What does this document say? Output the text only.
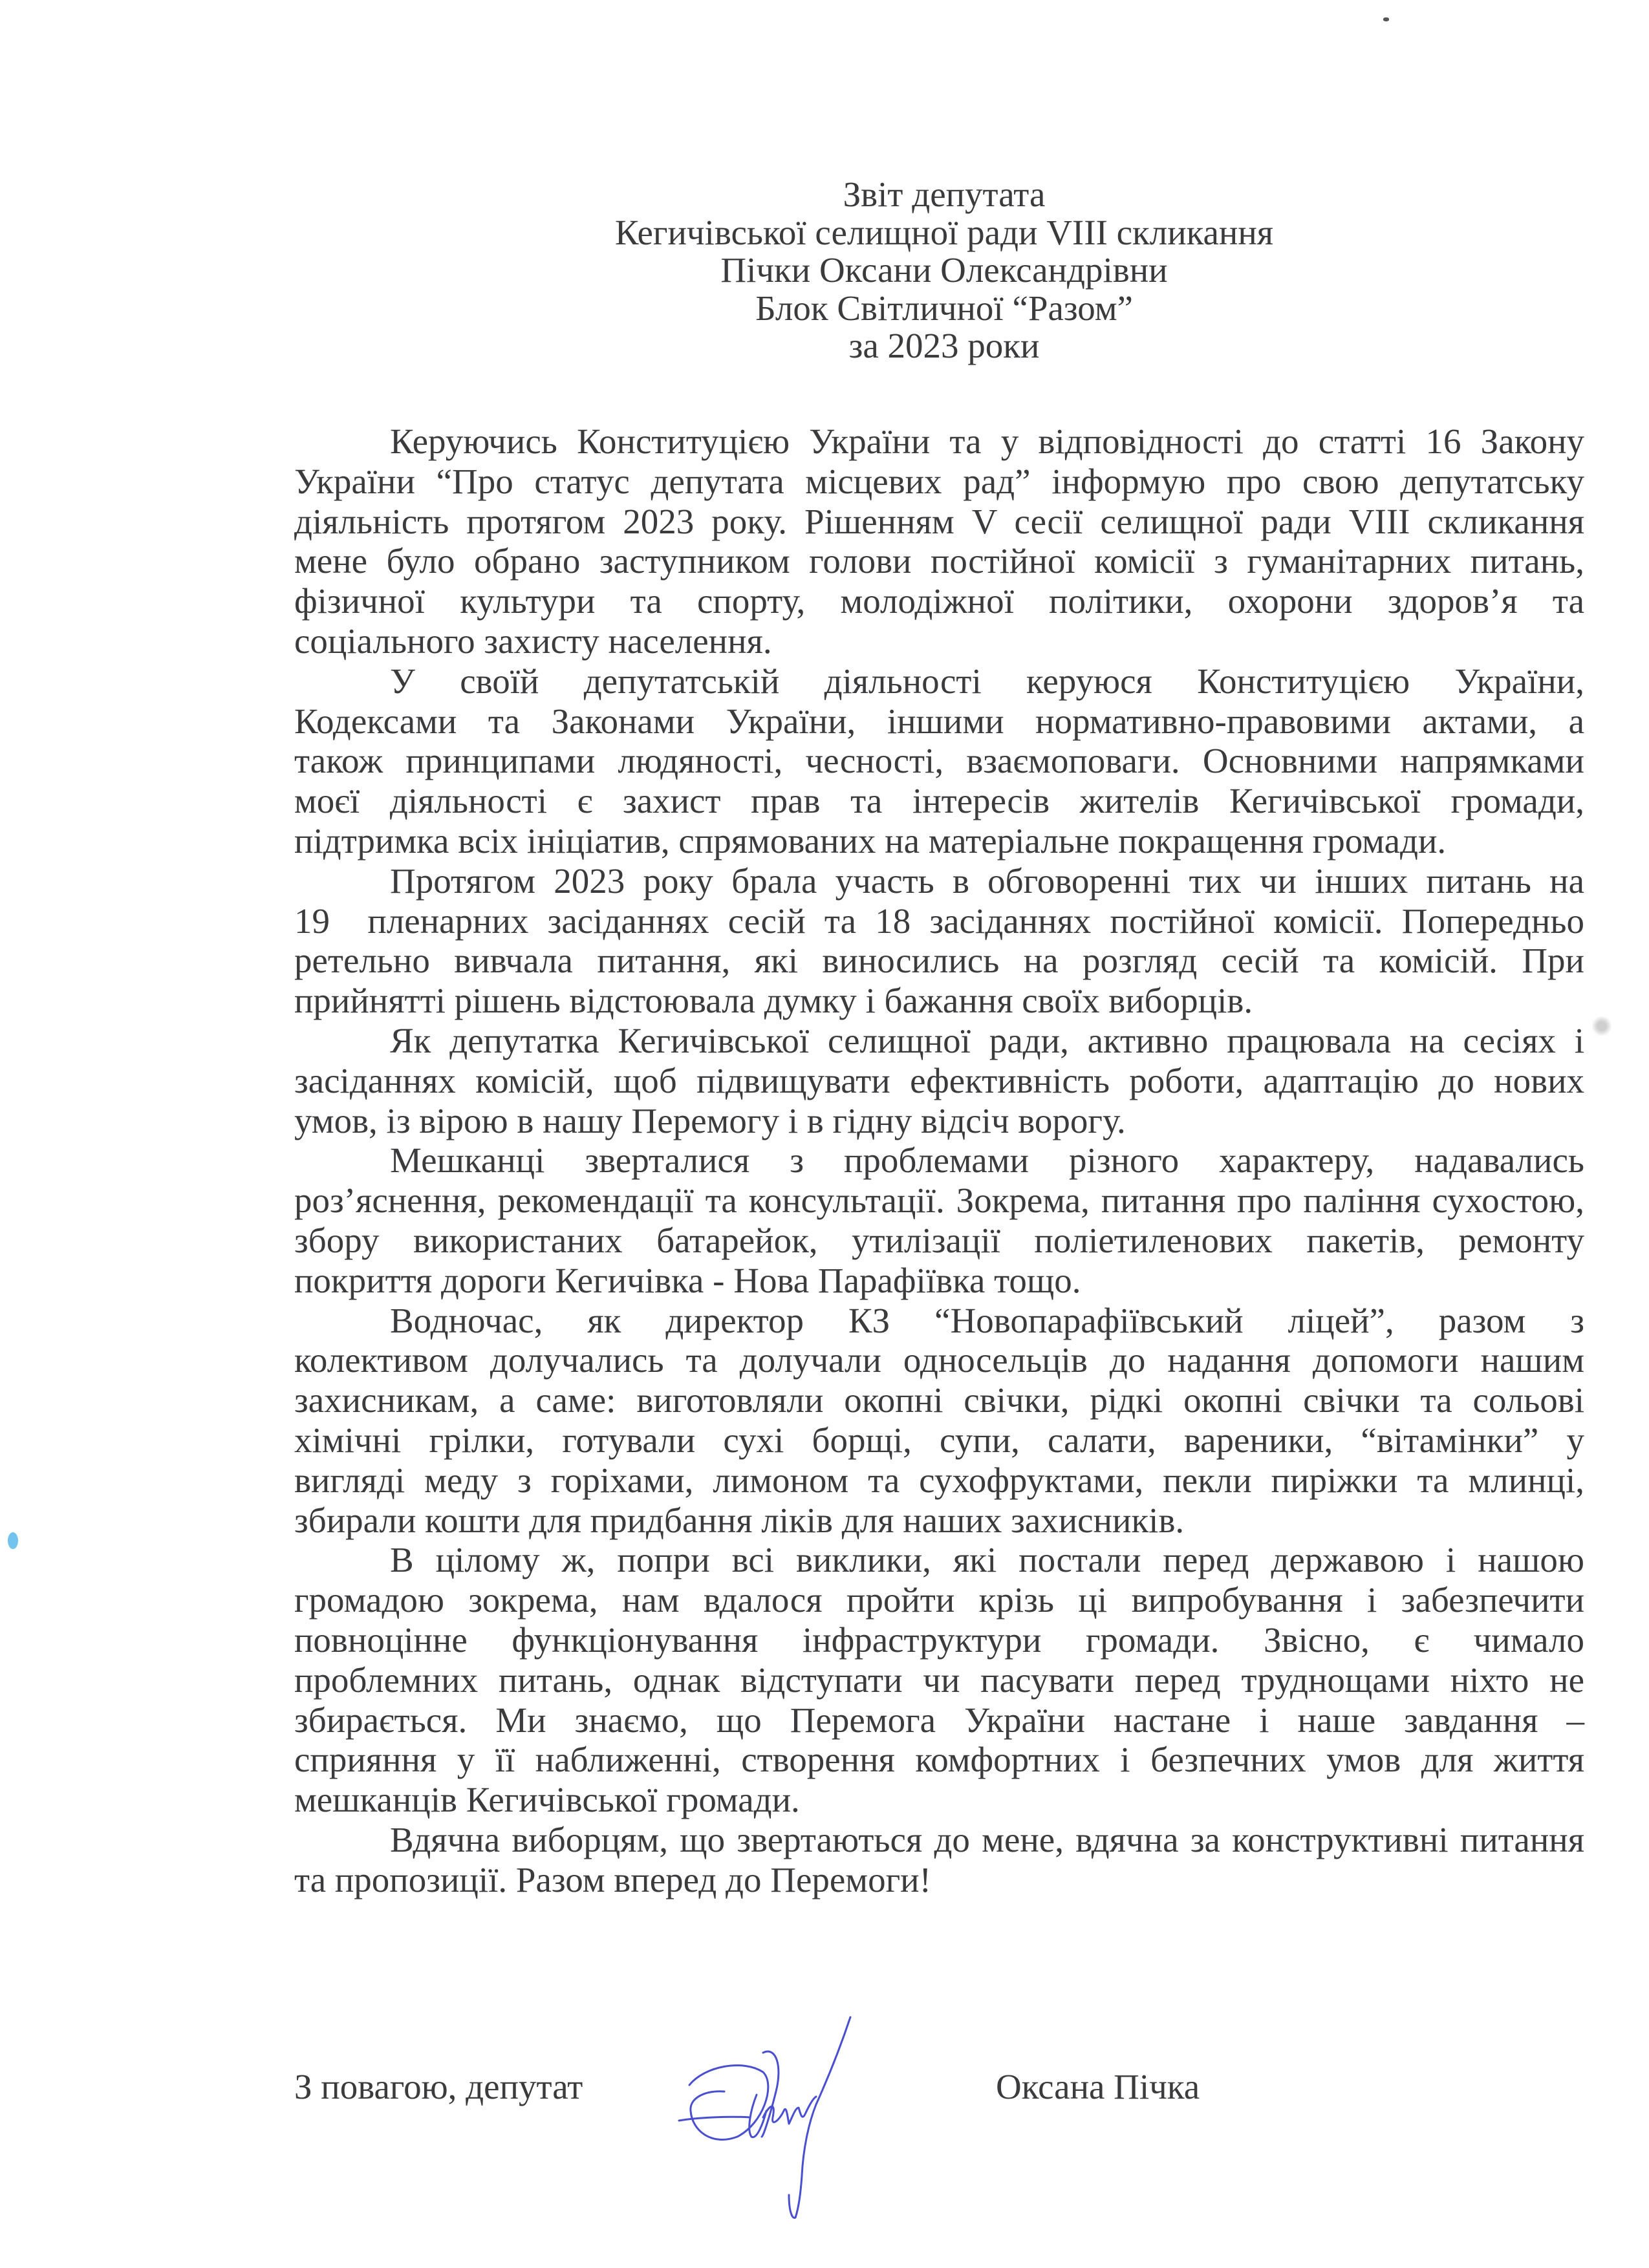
Звіт депутата
Кегичівської селищної ради VIII скликання
Пічки Оксани Олександрівни
Блок Світличної “Разом”
за 2023 роки
Керуючись Конституцією України та у відповідності до статті 16 Закону
України “Про статус депутата місцевих рад” інформую про свою депутатську
діяльність протягом 2023 року. Рішенням V сесії селищної ради VIII скликання
мене було обрано заступником голови постійної комісії з гуманітарних питань,
фізичної культури та спорту, молодіжної політики, охорони здоров’я та
соціального захисту населення.
У своїй депутатській діяльності керуюся Конституцією України,
Кодексами та Законами України, іншими нормативно-правовими актами, а
також принципами людяності, чесності, взаємоповаги. Основними напрямками
моєї діяльності є захист прав та інтересів жителів Кегичівської громади,
підтримка всіх ініціатив, спрямованих на матеріальне покращення громади.
Протягом 2023 року брала участь в обговоренні тих чи інших питань на
19  пленарних засіданнях сесій та 18 засіданнях постійної комісії. Попередньо
ретельно вивчала питання, які виносились на розгляд сесій та комісій. При
прийнятті рішень відстоювала думку і бажання своїх виборців.
Як депутатка Кегичівської селищної ради, активно працювала на сесіях і
засіданнях комісій, щоб підвищувати ефективність роботи, адаптацію до нових
умов, із вірою в нашу Перемогу і в гідну відсіч ворогу.
Мешканці зверталися з проблемами різного характеру, надавались
роз’яснення, рекомендації та консультації. Зокрема, питання про паління сухостою,
збору використаних батарейок, утилізації поліетиленових пакетів, ремонту
покриття дороги Кегичівка - Нова Парафіївка тощо.
Водночас, як директор КЗ “Новопарафіївський ліцей”, разом з
колективом долучались та долучали односельців до надання допомоги нашим
захисникам, а саме: виготовляли окопні свічки, рідкі окопні свічки та сольові
хімічні грілки, готували сухі борщі, супи, салати, вареники, “вітамінки” у
вигляді меду з горіхами, лимоном та сухофруктами, пекли пиріжки та млинці,
збирали кошти для придбання ліків для наших захисників.
В цілому ж, попри всі виклики, які постали перед державою і нашою
громадою зокрема, нам вдалося пройти крізь ці випробування і забезпечити
повноцінне функціонування інфраструктури громади. Звісно, є чимало
проблемних питань, однак відступати чи пасувати перед труднощами ніхто не
збирається. Ми знаємо, що Перемога України настане і наше завдання –
сприяння у її наближенні, створення комфортних і безпечних умов для життя
мешканців Кегичівської громади.
Вдячна виборцям, що звертаються до мене, вдячна за конструктивні питання
та пропозиції. Разом вперед до Перемоги!
З повагою, депутат	Оксана Пічка
